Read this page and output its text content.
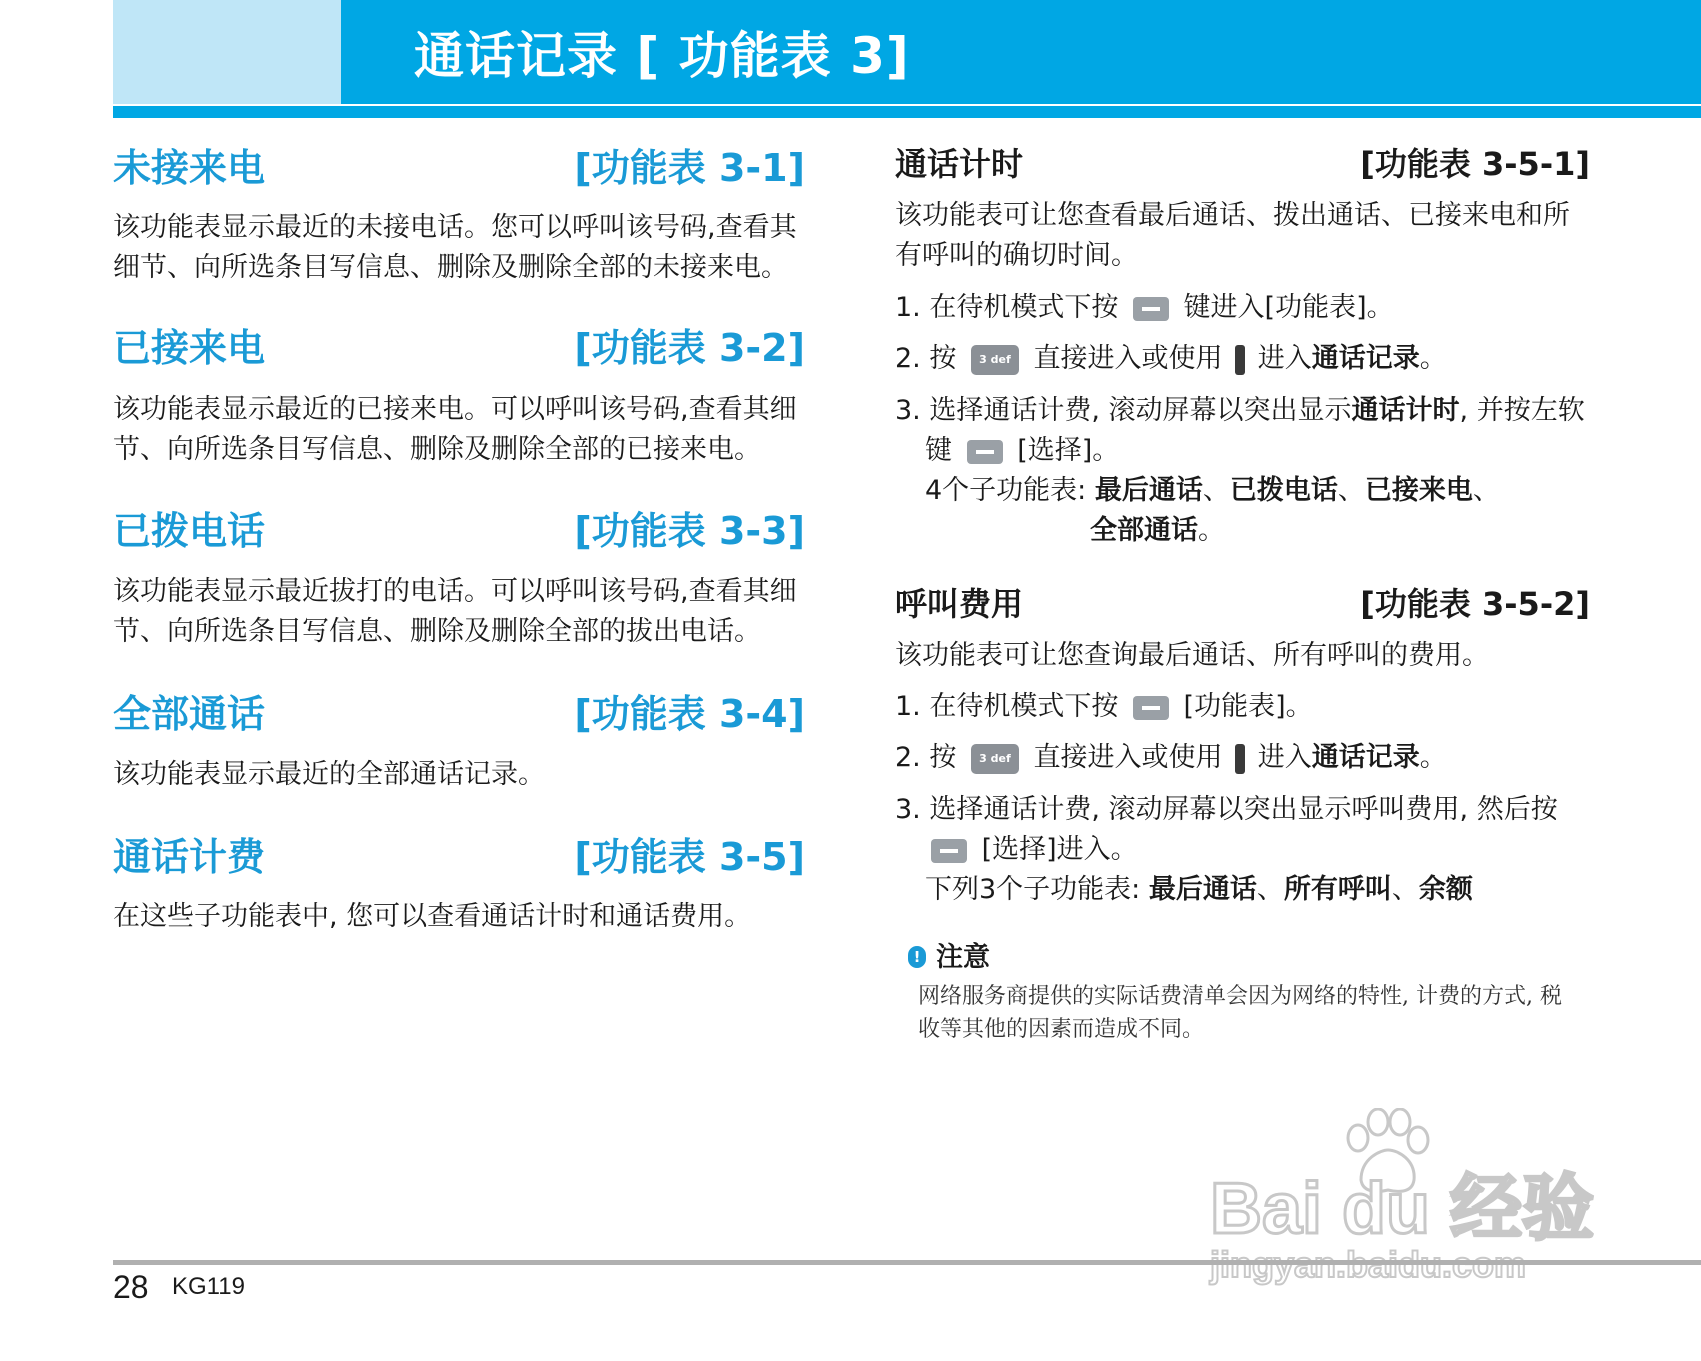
通话记录 [ 功能表 3]
未接来电	[功能表 3-1]
该功能表显示最近的未接电话。您可以呼叫该号码,查看其细节、向所选条目写信息、删除及删除全部的未接来电。
已接来电	[功能表 3-2]
该功能表显示最近的已接来电。可以呼叫该号码,查看其细节、向所选条目写信息、删除及删除全部的已接来电。
已拨电话	[功能表 3-3]
该功能表显示最近拔打的电话。可以呼叫该号码,查看其细节、向所选条目写信息、删除及删除全部的拔出电话。
全部通话	[功能表 3-4]
该功能表显示最近的全部通话记录。
通话计费	[功能表 3-5]
在这些子功能表中, 您可以查看通话计时和通话费用。
通话计时	[功能表 3-5-1]
该功能表可让您查看最后通话、拨出通话、已接来电和所有呼叫的确切时间。
1. 在待机模式下按 键进入[功能表]。
2. 按 3 def 直接进入或使用 进入通话记录。
3. 选择通话计费, 滚动屏幕以突出显示通话计时, 并按左软
键 [选择]。
4个子功能表: 最后通话、已拨电话、已接来电、
全部通话。
呼叫费用	[功能表 3-5-2]
该功能表可让您查询最后通话、所有呼叫的费用。
1. 在待机模式下按 [功能表]。
2. 按 3 def 直接进入或使用 进入通话记录。
3. 选择通话计费, 滚动屏幕以突出显示呼叫费用, 然后按
[选择]进入。
下列3个子功能表: 最后通话、所有呼叫、余额
! 注意
网络服务商提供的实际话费清单会因为网络的特性, 计费的方式, 税收等其他的因素而造成不同。
Bai du 经验
28 KG119
